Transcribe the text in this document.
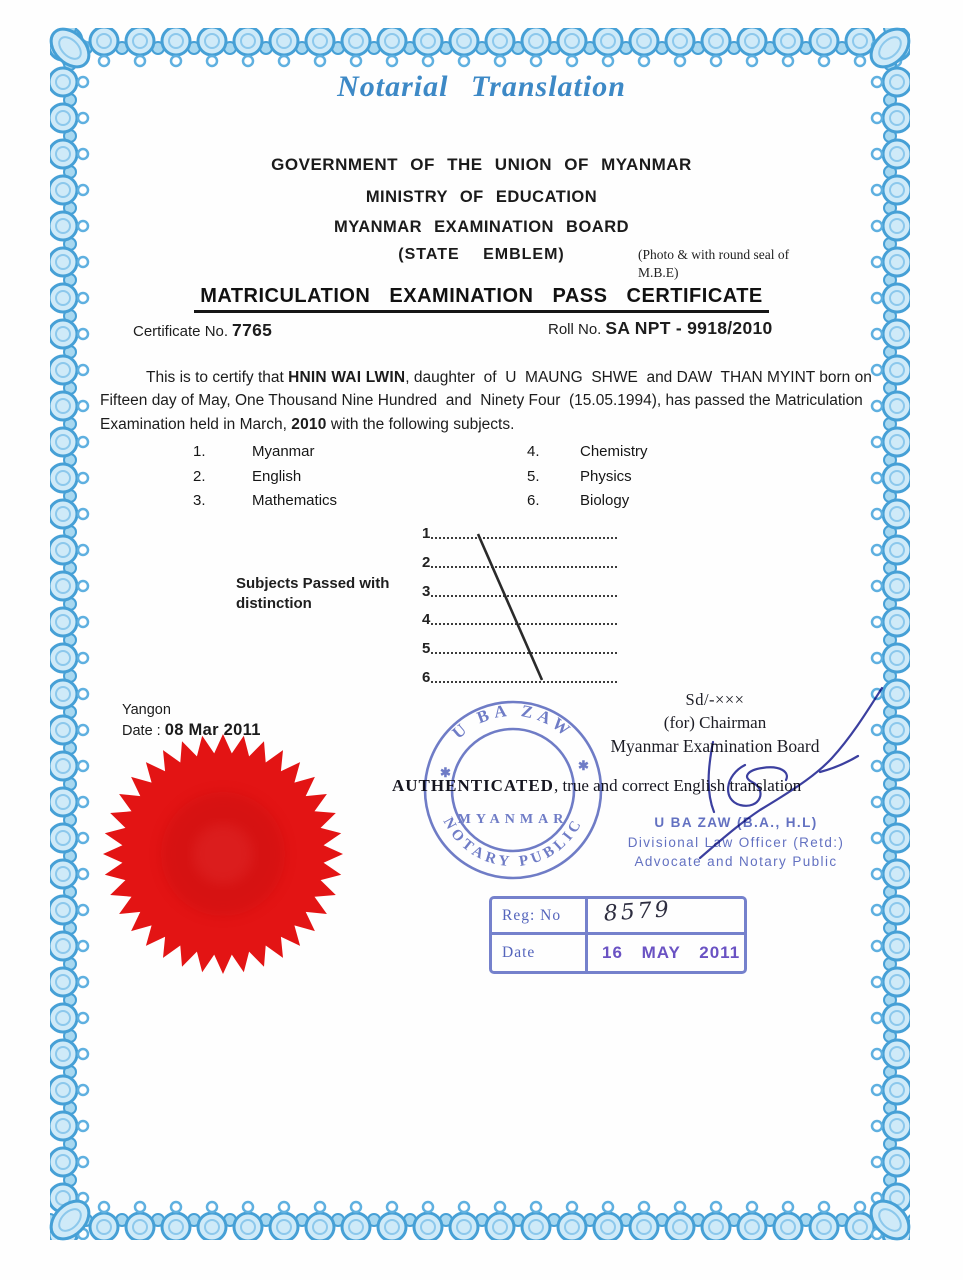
Notarial Translation
GOVERNMENT OF THE UNION OF MYANMAR
MINISTRY OF EDUCATION
MYANMAR EXAMINATION BOARD
(STATE EMBLEM)	(Photo & with round seal of M.B.E)
MATRICULATION EXAMINATION PASS CERTIFICATE
Certificate No. 7765	Roll No. SA NPT - 9918/2010

This is to certify that HNIN WAI LWIN, daughter  of  U  MAUNG  SHWE  and DAW  THAN MYINT born on  Fifteen day of May, One Thousand Nine Hundred  and  Ninety Four  (15.05.1994), has passed the Matriculation Examination held in March, 2010 with the following subjects.

1.	Myanmar
2.	English
3.	Mathematics
4.	Chemistry
5.	Physics
6.	Biology
Subjects Passed with distinction
1
2
3
4
5
6
Yangon
Date : 08 Mar 2011
Sd/-×××
(for) Chairman
Myanmar Examination Board
AUTHENTICATED, true and correct English translation
U BA ZAW
NOTARY PUBLIC
MYANMAR
✱	✱
U BA ZAW (B.A., H.L)
Divisional Law Officer (Retd:)
Advocate and Notary Public
Reg: No	8579
Date	16 MAY 2011
